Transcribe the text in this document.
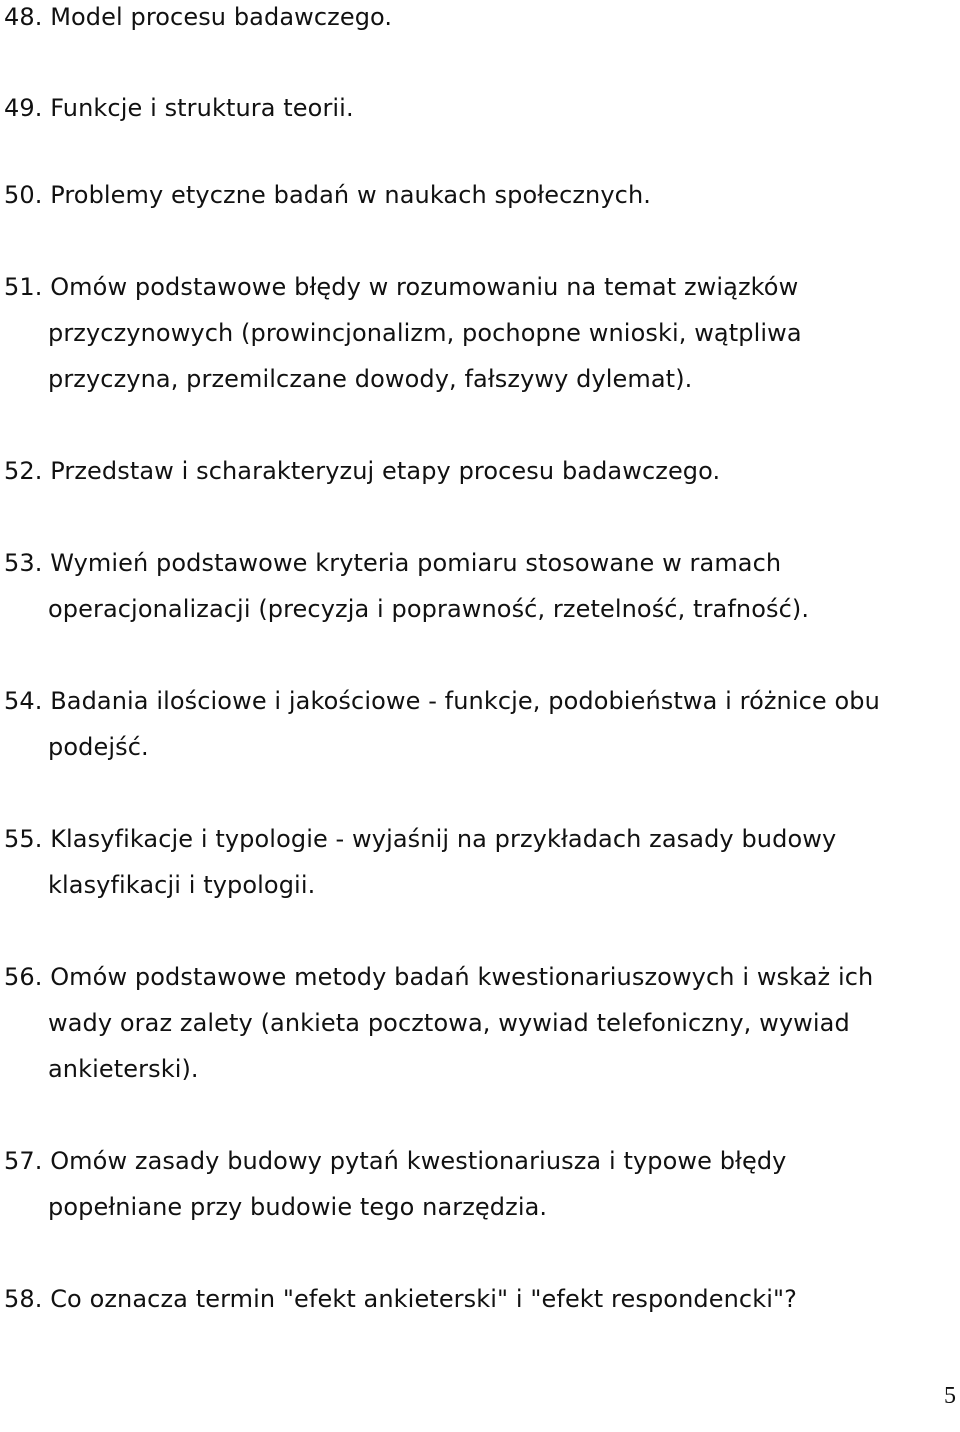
48. Model procesu badawczego.
49. Funkcje i struktura teorii.
50. Problemy etyczne badań w naukach społecznych.
51. Omów podstawowe błędy w rozumowaniu na temat związków
przyczynowych (prowincjonalizm, pochopne wnioski, wątpliwa
przyczyna, przemilczane dowody, fałszywy dylemat).
52. Przedstaw i scharakteryzuj etapy procesu badawczego.
53. Wymień podstawowe kryteria pomiaru stosowane w ramach
operacjonalizacji (precyzja i poprawność, rzetelność, trafność).
54. Badania ilościowe i jakościowe - funkcje, podobieństwa i różnice obu
podejść.
55. Klasyfikacje i typologie - wyjaśnij na przykładach zasady budowy
klasyfikacji i typologii.
56. Omów podstawowe metody badań kwestionariuszowych i wskaż ich
wady oraz zalety (ankieta pocztowa, wywiad telefoniczny, wywiad
ankieterski).
57. Omów zasady budowy pytań kwestionariusza i typowe błędy
popełniane przy budowie tego narzędzia.
58. Co oznacza termin "efekt ankieterski" i "efekt respondencki"?
5
